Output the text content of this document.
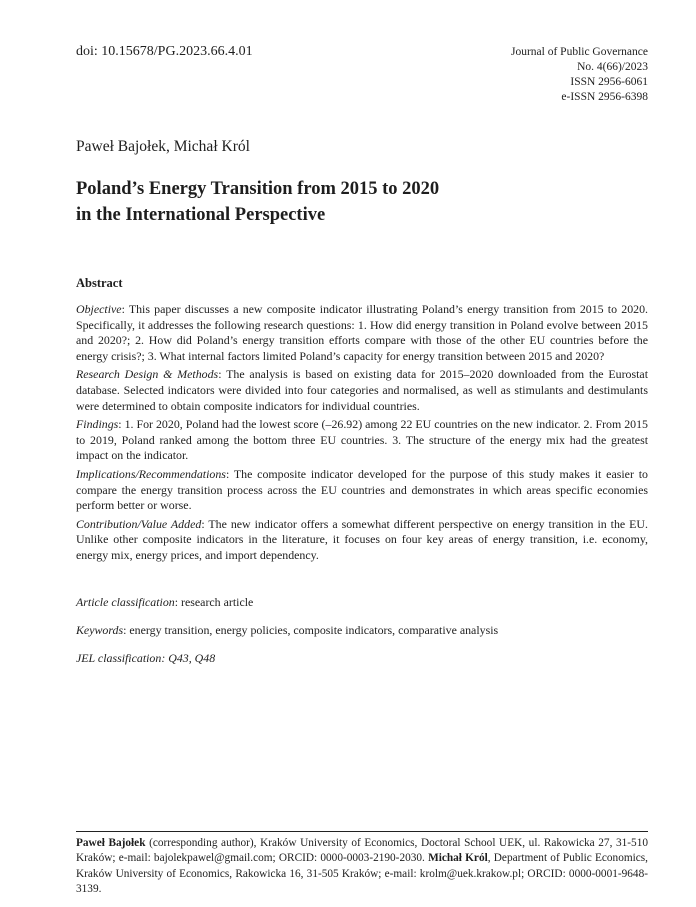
doi: 10.15678/PG.2023.66.4.01	Journal of Public Governance
No. 4(66)/2023
ISSN 2956-6061
e-ISSN 2956-6398
Paweł Bajołek, Michał Król
Poland’s Energy Transition from 2015 to 2020
in the International Perspective
Abstract

Objective: This paper discusses a new composite indicator illustrating Poland’s energy transition from 2015 to 2020. Specifically, it addresses the following research questions: 1. How did energy transition in Poland evolve between 2015 and 2020?; 2. How did Poland’s energy transition efforts compare with those of the other EU countries before the energy crisis?; 3. What internal factors limited Poland’s capacity for energy transition between 2015 and 2020?

Research Design & Methods: The analysis is based on existing data for 2015–2020 downloaded from the Eurostat database. Selected indicators were divided into four categories and normalised, as well as stimulants and destimulants were determined to obtain composite indicators for individual countries.

Findings: 1. For 2020, Poland had the lowest score (–26.92) among 22 EU countries on the new indicator. 2. From 2015 to 2019, Poland ranked among the bottom three EU countries. 3. The structure of the energy mix had the greatest impact on the indicator.

Implications/Recommendations: The composite indicator developed for the purpose of this study makes it easier to compare the energy transition process across the EU countries and demonstrates in which areas specific economies perform better or worse.

Contribution/Value Added: The new indicator offers a somewhat different perspective on energy transition in the EU. Unlike other composite indicators in the literature, it focuses on four key areas of energy transition, i.e. economy, energy mix, energy prices, and import dependency.

Article classification: research article
Keywords: energy transition, energy policies, composite indicators, comparative analysis
JEL classification: Q43, Q48
Paweł Bajołek (corresponding author), Kraków University of Economics, Doctoral School UEK, ul. Rakowicka 27, 31-510 Kraków; e-mail: bajolekpawel@gmail.com; ORCID: 0000-0003-2190-2030. Michał Król, Department of Public Economics, Kraków University of Economics, Rakowicka 16, 31-505 Kraków; e-mail: krolm@uek.krakow.pl; ORCID: 0000-0001-9648-3139.
